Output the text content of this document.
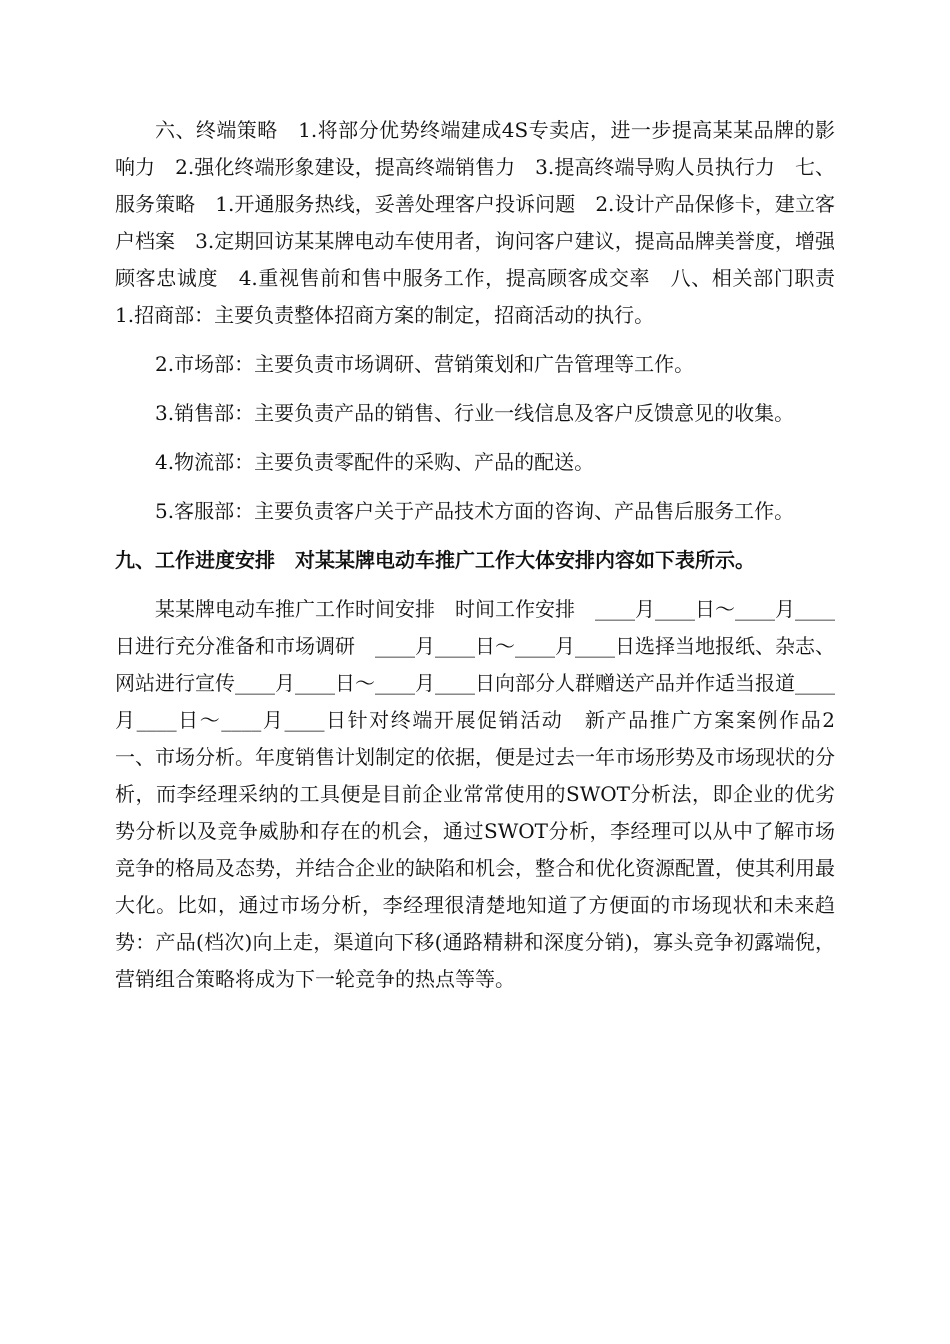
六、终端策略　1.将部分优势终端建成4S专卖店，进一步提高某某品牌的影响力　2.强化终端形象建设，提高终端销售力　3.提高终端导购人员执行力　七、服务策略　1.开通服务热线，妥善处理客户投诉问题　2.设计产品保修卡，建立客户档案　3.定期回访某某牌电动车使用者，询问客户建议，提高品牌美誉度，增强顾客忠诚度　4.重视售前和售中服务工作，提高顾客成交率　八、相关部门职责　1.招商部：主要负责整体招商方案的制定，招商活动的执行。

2.市场部：主要负责市场调研、营销策划和广告管理等工作。

3.销售部：主要负责产品的销售、行业一线信息及客户反馈意见的收集。

4.物流部：主要负责零配件的采购、产品的配送。

5.客服部：主要负责客户关于产品技术方面的咨询、产品售后服务工作。

九、工作进度安排　对某某牌电动车推广工作大体安排内容如下表所示。

某某牌电动车推广工作时间安排　时间工作安排　____月____日～____月____日进行充分准备和市场调研　____月____日～____月____日选择当地报纸、杂志、网站进行宣传____月____日～____月____日向部分人群赠送产品并作适当报道____月____日～____月____日针对终端开展促销活动　新产品推广方案案例作品2　一、市场分析。年度销售计划制定的依据，便是过去一年市场形势及市场现状的分析，而李经理采纳的工具便是目前企业常常使用的SWOT分析法，即企业的优劣势分析以及竞争威胁和存在的机会，通过SWOT分析，李经理可以从中了解市场竞争的格局及态势，并结合企业的缺陷和机会，整合和优化资源配置，使其利用最大化。比如，通过市场分析，李经理很清楚地知道了方便面的市场现状和未来趋势：产品(档次)向上走，渠道向下移(通路精耕和深度分销)，寡头竞争初露端倪，营销组合策略将成为下一轮竞争的热点等等。
